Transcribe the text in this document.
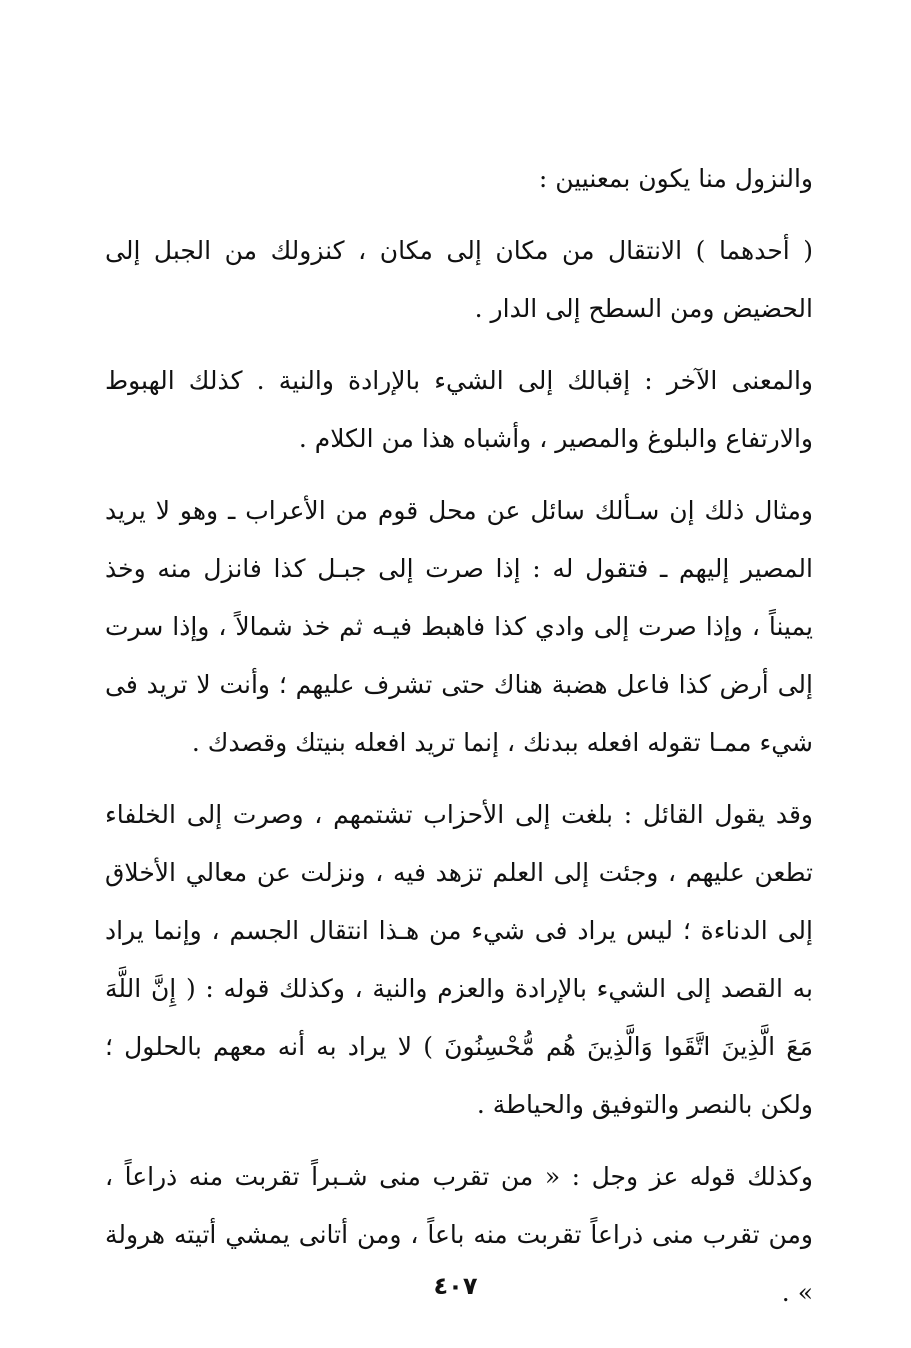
والنزول منا يكون بمعنيين :

( أحدهما ) الانتقال من مكان إلى مكان ، كنزولك من الجبل إلى الحضيض ومن السطح إلى الدار .

والمعنى الآخر : إقبالك إلى الشيء بالإرادة والنية . كذلك الهبوط والارتفاع والبلوغ والمصير ، وأشباه هذا من الكلام .

ومثال ذلك إن سـألك سائل عن محل قوم من الأعراب ـ وهو لا يريد المصير إليهم ـ فتقول له : إذا صرت إلى جبـل كذا فانزل منه وخذ يميناً ، وإذا صرت إلى وادي كذا فاهبط فيـه ثم خذ شمالاً ، وإذا سرت إلى أرض كذا فاعل هضبة هناك حتى تشرف عليهم ؛ وأنت لا تريد فى شيء ممـا تقوله افعله ببدنك ، إنما تريد افعله بنيتك وقصدك .

وقد يقول القائل : بلغت إلى الأحزاب تشتمهم ، وصرت إلى الخلفاء تطعن عليهم ، وجئت إلى العلم تزهد فيه ، ونزلت عن معالي الأخلاق إلى الدناءة ؛ ليس يراد فى شيء من هـذا انتقال الجسم ، وإنما يراد به القصد إلى الشيء بالإرادة والعزم والنية ، وكذلك قوله : ( إِنَّ اللَّهَ مَعَ الَّذِينَ اتَّقَوا وَالَّذِينَ هُم مُّحْسِنُونَ ) لا يراد به أنه معهم بالحلول ؛ ولكن بالنصر والتوفيق والحياطة .

وكذلك قوله عز وجل : « من تقرب منى شـبراً تقربت منه ذراعاً ، ومن تقرب منى ذراعاً تقربت منه باعاً ، ومن أتانى يمشي أتيته هرولة » .

٤٠٧
